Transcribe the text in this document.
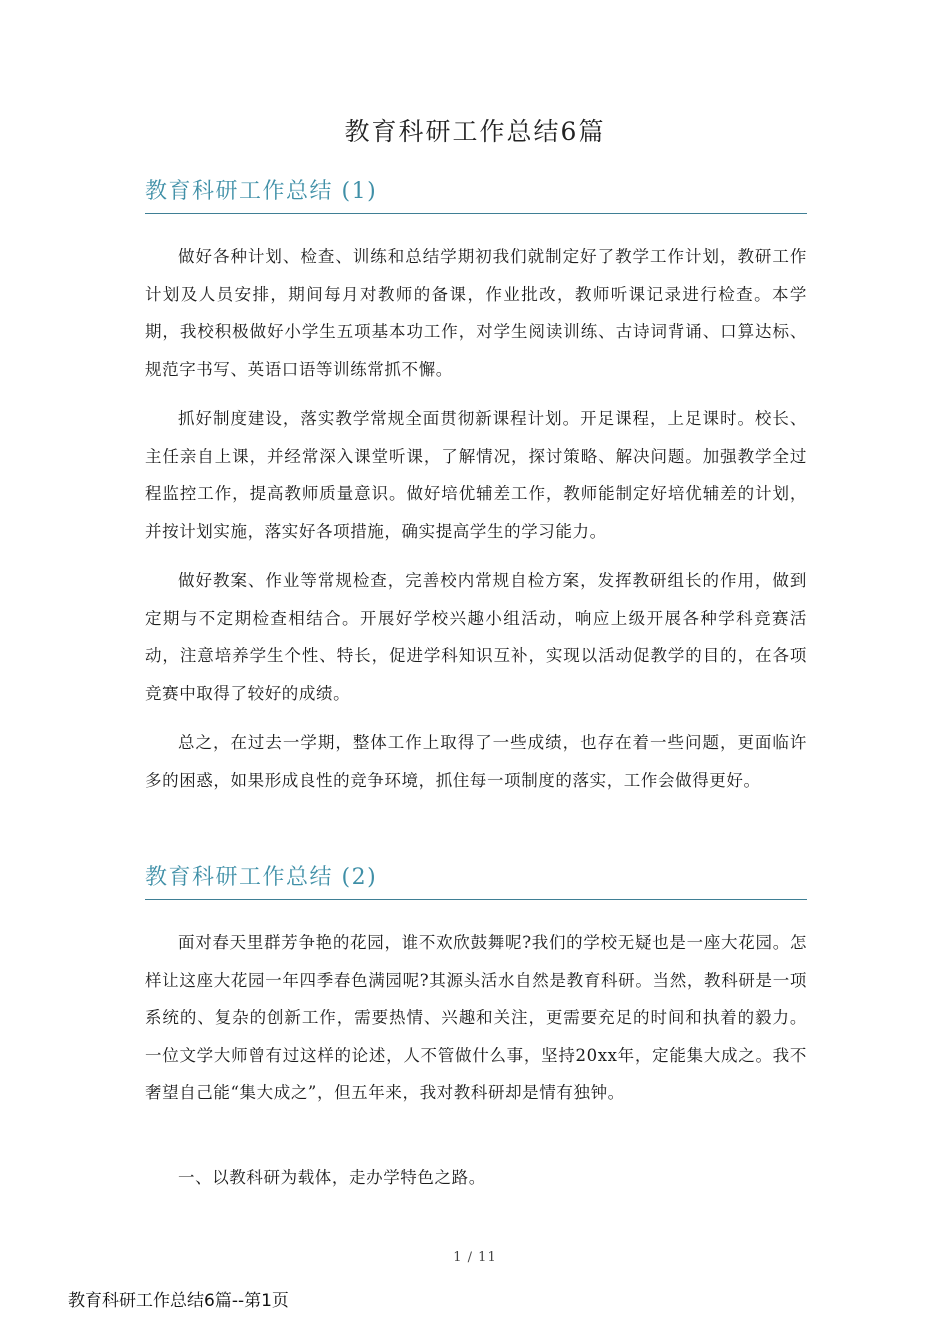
教育科研工作总结6篇
教育科研工作总结 (1)

做好各种计划、检查、训练和总结学期初我们就制定好了教学工作计划，教研工作计划及人员安排，期间每月对教师的备课，作业批改，教师听课记录进行检查。本学期，我校积极做好小学生五项基本功工作，对学生阅读训练、古诗词背诵、口算达标、规范字书写、英语口语等训练常抓不懈。

抓好制度建设，落实教学常规全面贯彻新课程计划。开足课程，上足课时。校长、主任亲自上课，并经常深入课堂听课，了解情况，探讨策略、解决问题。加强教学全过程监控工作，提高教师质量意识。做好培优辅差工作，教师能制定好培优辅差的计划，并按计划实施，落实好各项措施，确实提高学生的学习能力。

做好教案、作业等常规检查，完善校内常规自检方案，发挥教研组长的作用，做到定期与不定期检查相结合。开展好学校兴趣小组活动，响应上级开展各种学科竞赛活动，注意培养学生个性、特长，促进学科知识互补，实现以活动促教学的目的，在各项竞赛中取得了较好的成绩。

总之，在过去一学期，整体工作上取得了一些成绩，也存在着一些问题，更面临许多的困惑，如果形成良性的竞争环境，抓住每一项制度的落实，工作会做得更好。

教育科研工作总结 (2)

面对春天里群芳争艳的花园，谁不欢欣鼓舞呢?我们的学校无疑也是一座大花园。怎样让这座大花园一年四季春色满园呢?其源头活水自然是教育科研。当然，教科研是一项系统的、复杂的创新工作，需要热情、兴趣和关注，更需要充足的时间和执着的毅力。一位文学大师曾有过这样的论述，人不管做什么事，坚持20xx年，定能集大成之。我不奢望自己能“集大成之”，但五年来，我对教科研却是情有独钟。

一、以教科研为载体，走办学特色之路。

1 / 11
教育科研工作总结6篇--第1页
